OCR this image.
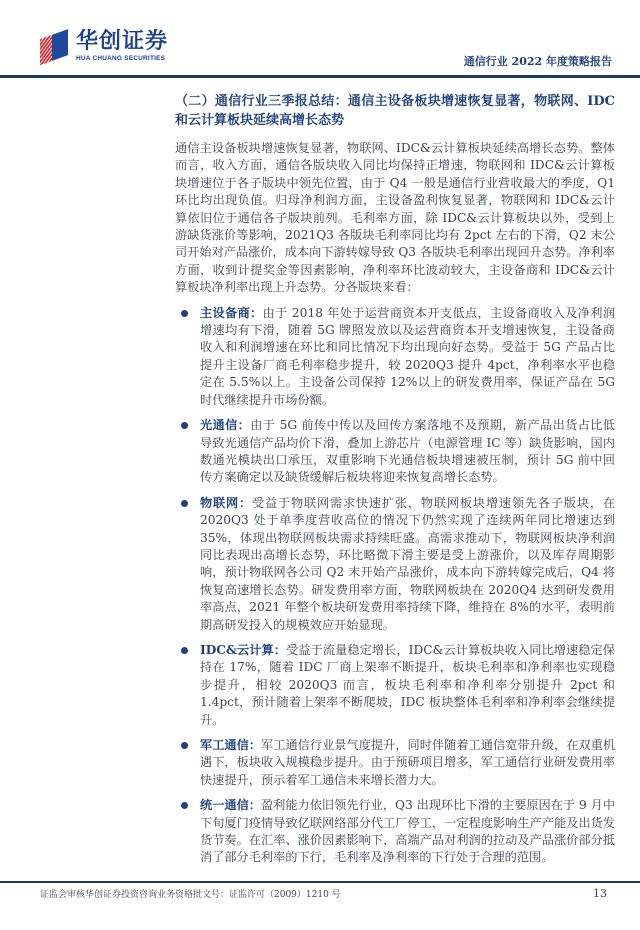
华创证券
HUA CHUANG SECURITIES	通信行业 2022 年度策略报告
（二）通信行业三季报总结：通信主设备板块增速恢复显著，物联网、IDC 和云计算板块延续高增长态势

通信主设备板块增速恢复显著，物联网、IDC&云计算板块延续高增长态势。整体而言，收入方面，通信各版块收入同比均保持正增速，物联网和 IDC&云计算板块增速位于各子版块中领先位置，由于 Q4 一般是通信行业营收最大的季度，Q1 环比均出现负值。归母净利润方面，主设备盈利恢复显著，物联网和 IDC&云计算依旧位于通信各子版块前列。毛利率方面，除 IDC&云计算板块以外，受到上游缺货涨价等影响，2021Q3 各版块毛利率同比均有 2pct 左右的下滑，Q2 末公司开始对产品涨价，成本向下游转嫁导致 Q3 各版块毛利率出现回升态势。净利率方面，收到计提奖金等因素影响，净利率环比波动较大，主设备商和 IDC&云计算板块净利率出现上升态势。分各版块来看：

主设备商：由于 2018 年处于运营商资本开支低点，主设备商收入及净利润增速均有下滑，随着 5G 牌照发放以及运营商资本开支增速恢复，主设备商收入和利润增速在环比和同比情况下均出现向好态势。受益于 5G 产品占比提升主设备厂商毛利率稳步提升，较 2020Q3 提升 4pct，净利率水平也稳定在 5.5%以上。主设备公司保持 12%以上的研发费用率，保证产品在 5G 时代继续提升市场份额。

光通信：由于 5G 前传中传以及回传方案落地不及预期，新产品出货占比低导致光通信产品均价下滑，叠加上游芯片（电源管理 IC 等）缺货影响，国内数通光模块出口承压，双重影响下光通信板块增速被压制，预计 5G 前中回传方案确定以及缺货缓解后板块将迎来恢复高增长态势。

物联网：受益于物联网需求快速扩张，物联网板块增速领先各子版块，在 2020Q3 处于单季度营收高位的情况下仍然实现了连续两年同比增速达到 35%，体现出物联网板块需求持续旺盛。高需求推动下，物联网板块净利润同比表现出高增长态势，环比略微下滑主要是受上游涨价，以及库存周期影响，预计物联网各公司 Q2 末开始产品涨价，成本向下游转嫁完成后，Q4 将恢复高速增长态势。研发费用率方面，物联网板块在 2020Q4 达到研发费用率高点，2021 年整个板块研发费用率持续下降，维持在 8%的水平，表明前期高研发投入的规模效应开始显现。

IDC&云计算：受益于流量稳定增长，IDC&云计算板块收入同比增速稳定保持在 17%，随着 IDC 厂商上架率不断提升，板块毛利率和净利率也实现稳步提升，相较 2020Q3 而言，板块毛利率和净利率分别提升 2pct 和 1.4pct，预计随着上架率不断爬坡，IDC 板块整体毛利率和净利率会继续提升。

军工通信：军工通信行业景气度提升，同时伴随着工通信宽带升级，在双重机遇下，板块收入规模稳步提升。由于预研项目增多，军工通信行业研发费用率快速提升，预示着军工通信未来增长潜力大。

统一通信：盈利能力依旧领先行业，Q3 出现环比下滑的主要原因在于 9 月中下旬厦门疫情导致亿联网络部分代工厂停工，一定程度影响生产产能及出货发货节奏。在汇率、涨价因素影响下，高端产品对利润的拉动及产品涨价部分抵消了部分毛利率的下行，毛利率及净利率的下行处于合理的范围。

证监会审核华创证券投资咨询业务资格批文号：证监许可（2009）1210 号	13
